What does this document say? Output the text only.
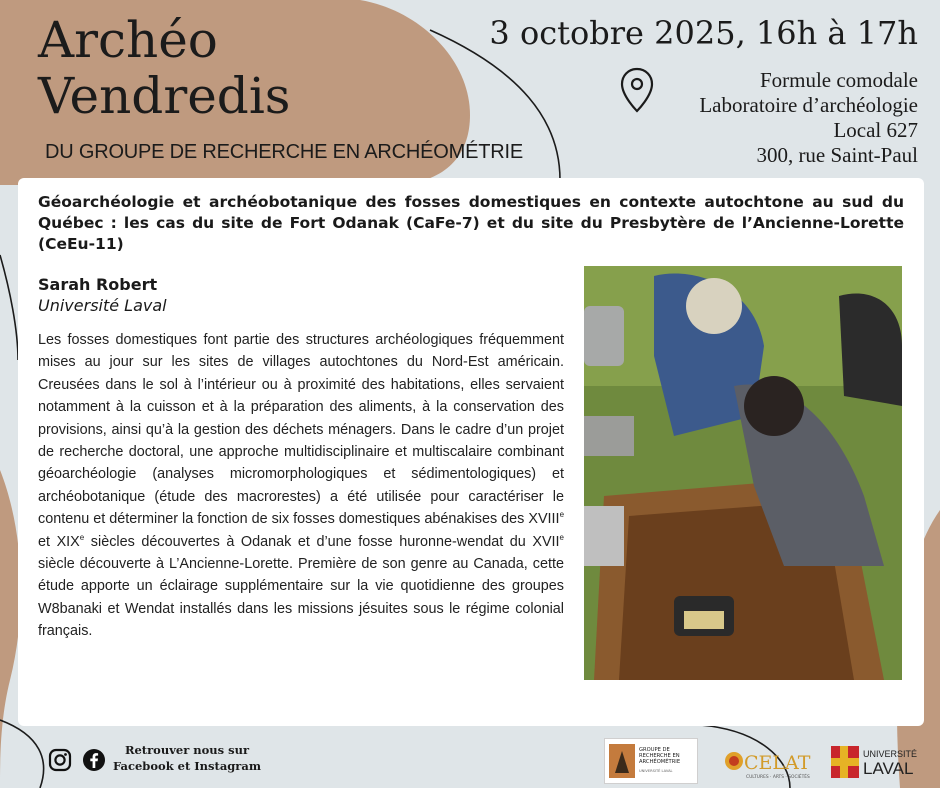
Archéo
Vendredis
DU GROUPE DE RECHERCHE EN ARCHÉOMÉTRIE
3 octobre 2025, 16h à 17h
Formule comodale
Laboratoire d’archéologie
Local 627
300, rue Saint-Paul
Géoarchéologie et archéobotanique des fosses domestiques en contexte autochtone au sud du Québec : les cas du site de Fort Odanak (CaFe-7) et du site du Presbytère de l’Ancienne-Lorette (CeEu-11)
Sarah Robert
Université Laval

Les fosses domestiques font partie des structures archéologiques fréquemment mises au jour sur les sites de villages autochtones du Nord-Est américain. Creusées dans le sol à l’intérieur ou à proximité des habitations, elles servaient notamment à la cuisson et à la préparation des aliments, à la conservation des provisions, ainsi qu’à la gestion des déchets ménagers. Dans le cadre d’un projet de recherche doctoral, une approche multidisciplinaire et multiscalaire combinant géoarchéologie (analyses micromorphologiques et sédimentologiques) et archéobotanique (étude des macrorestes) a été utilisée pour caractériser le contenu et déterminer la fonction de six fosses domestiques abénakises des XVIIIe et XIXe siècles découvertes à Odanak et d’une fosse huronne-wendat du XVIIe siècle découverte à L’Ancienne-Lorette. Première de son genre au Canada, cette étude apporte un éclairage supplémentaire sur la vie quotidienne des groupes W8banaki et Wendat installés dans les missions jésuites sous le régime colonial français.

Retrouver nous sur
Facebook et Instagram
GROUPE DE
RECHERCHE EN
ARCHÉOMÉTRIE
UNIVERSITÉ LAVAL	CELAT
CULTURES · ARTS · SOCIÉTÉS
UNIVERSITÉ
LAVAL
